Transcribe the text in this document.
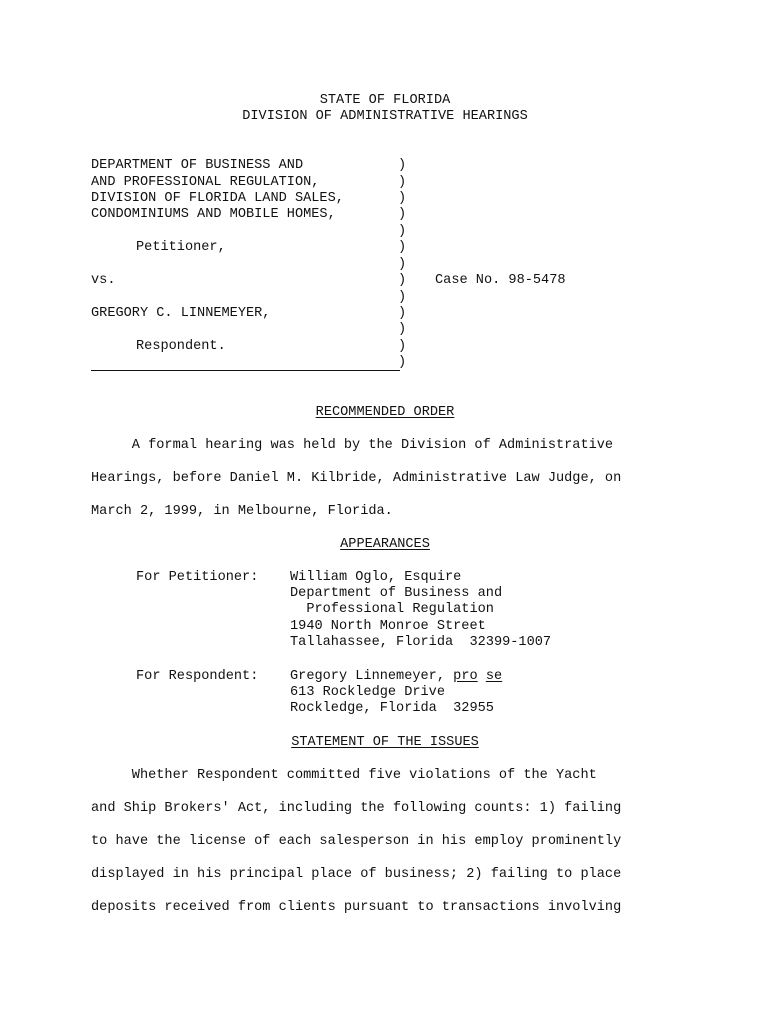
STATE OF FLORIDA
DIVISION OF ADMINISTRATIVE HEARINGS
DEPARTMENT OF BUSINESS AND
AND PROFESSIONAL REGULATION,
DIVISION OF FLORIDA LAND SALES,
CONDOMINIUMS AND MOBILE HOMES,
Petitioner,
vs.
GREGORY C. LINNEMEYER,
Respondent.
)
)
)
)
)
)
)
)
)
)
)
)
)
Case No. 98-5478
RECOMMENDED ORDER
A formal hearing was held by the Division of Administrative
Hearings, before Daniel M. Kilbride, Administrative Law Judge, on
March 2, 1999, in Melbourne, Florida.
APPEARANCES
For Petitioner: William Oglo, Esquire
Department of Business and
Professional Regulation
1940 North Monroe Street
Tallahassee, Florida  32399-1007
For Respondent: Gregory Linnemeyer, pro se
613 Rockledge Drive
Rockledge, Florida  32955
STATEMENT OF THE ISSUES
Whether Respondent committed five violations of the Yacht
and Ship Brokers' Act, including the following counts: 1) failing
to have the license of each salesperson in his employ prominently
displayed in his principal place of business; 2) failing to place
deposits received from clients pursuant to transactions involving
